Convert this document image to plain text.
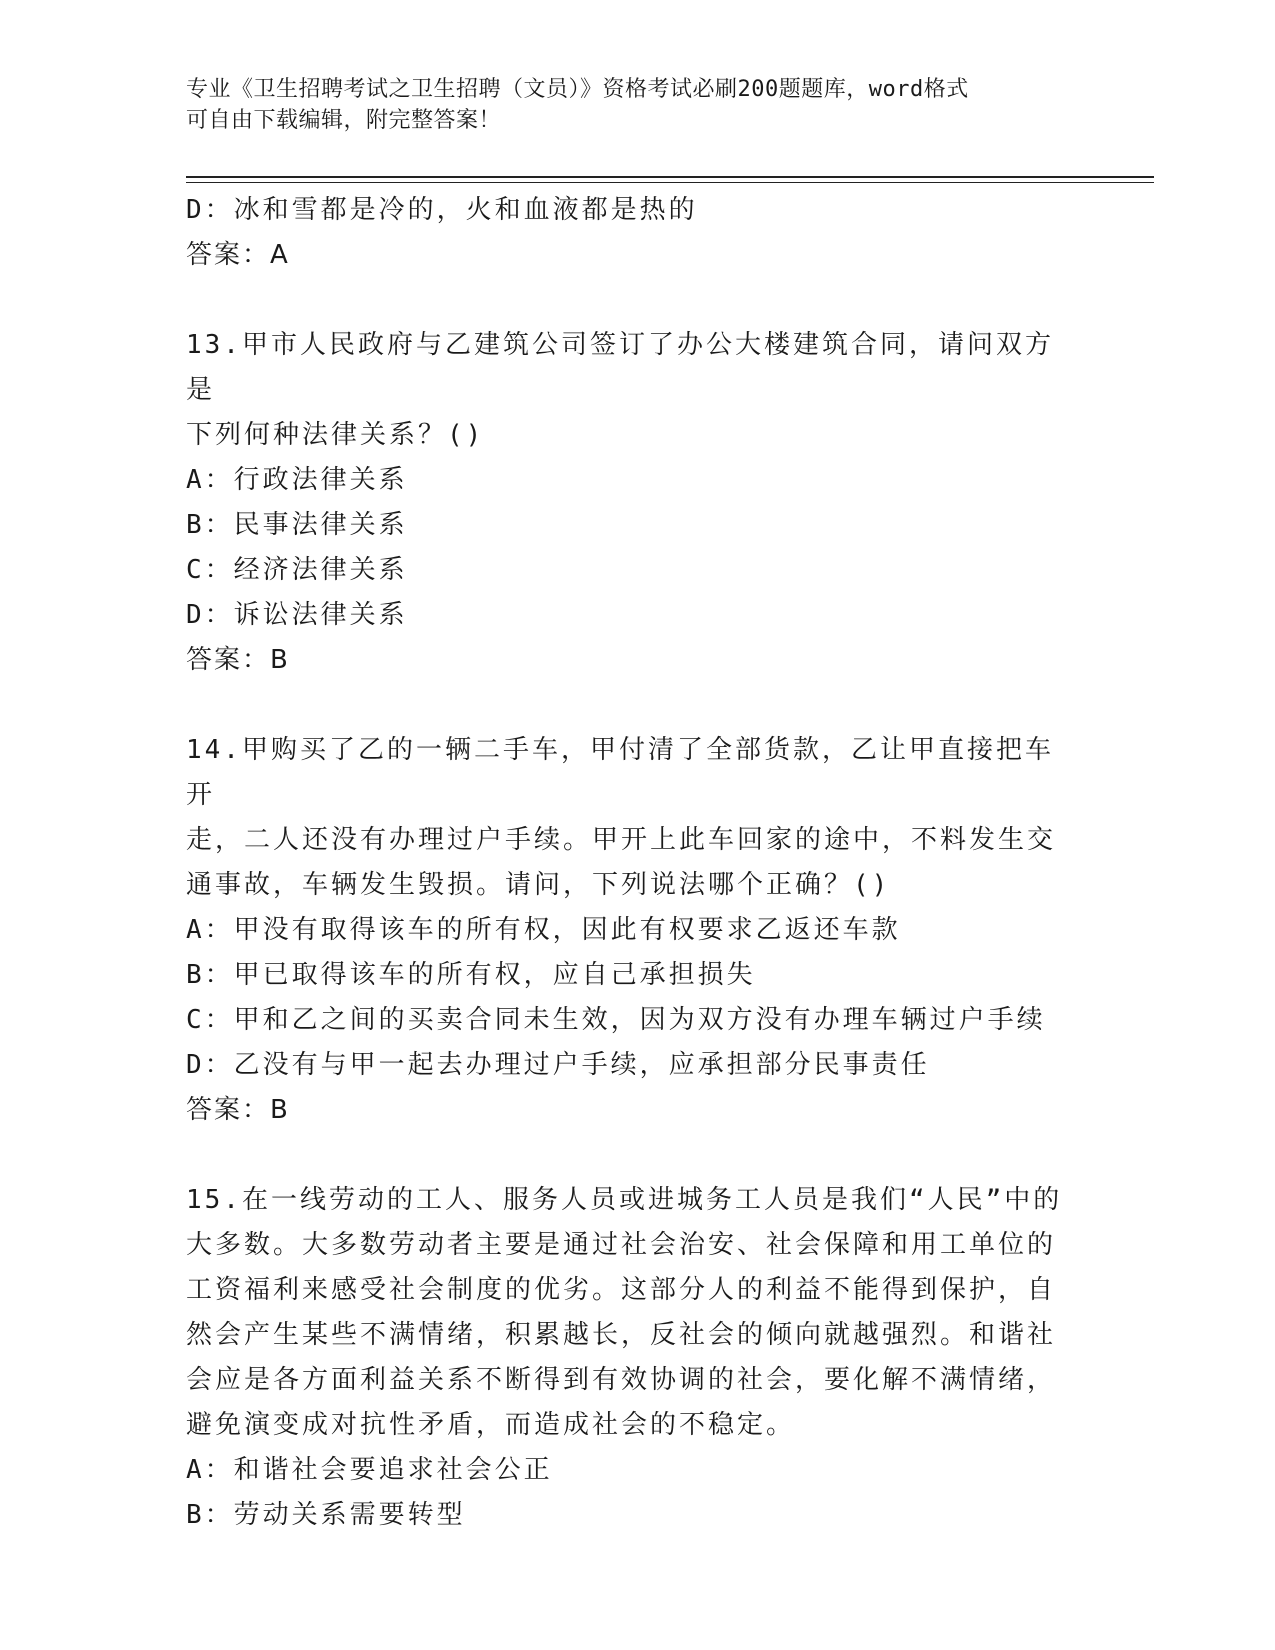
专业《卫生招聘考试之卫生招聘（文员）》资格考试必刷200题题库，word格式
可自由下载编辑，附完整答案！

D：冰和雪都是冷的，火和血液都是热的

答案：A

13.甲市人民政府与乙建筑公司签订了办公大楼建筑合同，请问双方是

下列何种法律关系？()

A：行政法律关系

B：民事法律关系

C：经济法律关系

D：诉讼法律关系

答案：B

14.甲购买了乙的一辆二手车，甲付清了全部货款，乙让甲直接把车开

走，二人还没有办理过户手续。甲开上此车回家的途中，不料发生交

通事故，车辆发生毁损。请问，下列说法哪个正确？()

A：甲没有取得该车的所有权，因此有权要求乙返还车款

B：甲已取得该车的所有权，应自己承担损失

C：甲和乙之间的买卖合同未生效，因为双方没有办理车辆过户手续

D：乙没有与甲一起去办理过户手续，应承担部分民事责任

答案：B

15.在一线劳动的工人、服务人员或进城务工人员是我们“人民”中的

大多数。大多数劳动者主要是通过社会治安、社会保障和用工单位的

工资福利来感受社会制度的优劣。这部分人的利益不能得到保护，自

然会产生某些不满情绪，积累越长，反社会的倾向就越强烈。和谐社

会应是各方面利益关系不断得到有效协调的社会，要化解不满情绪，

避免演变成对抗性矛盾，而造成社会的不稳定。

A：和谐社会要追求社会公正

B：劳动关系需要转型
